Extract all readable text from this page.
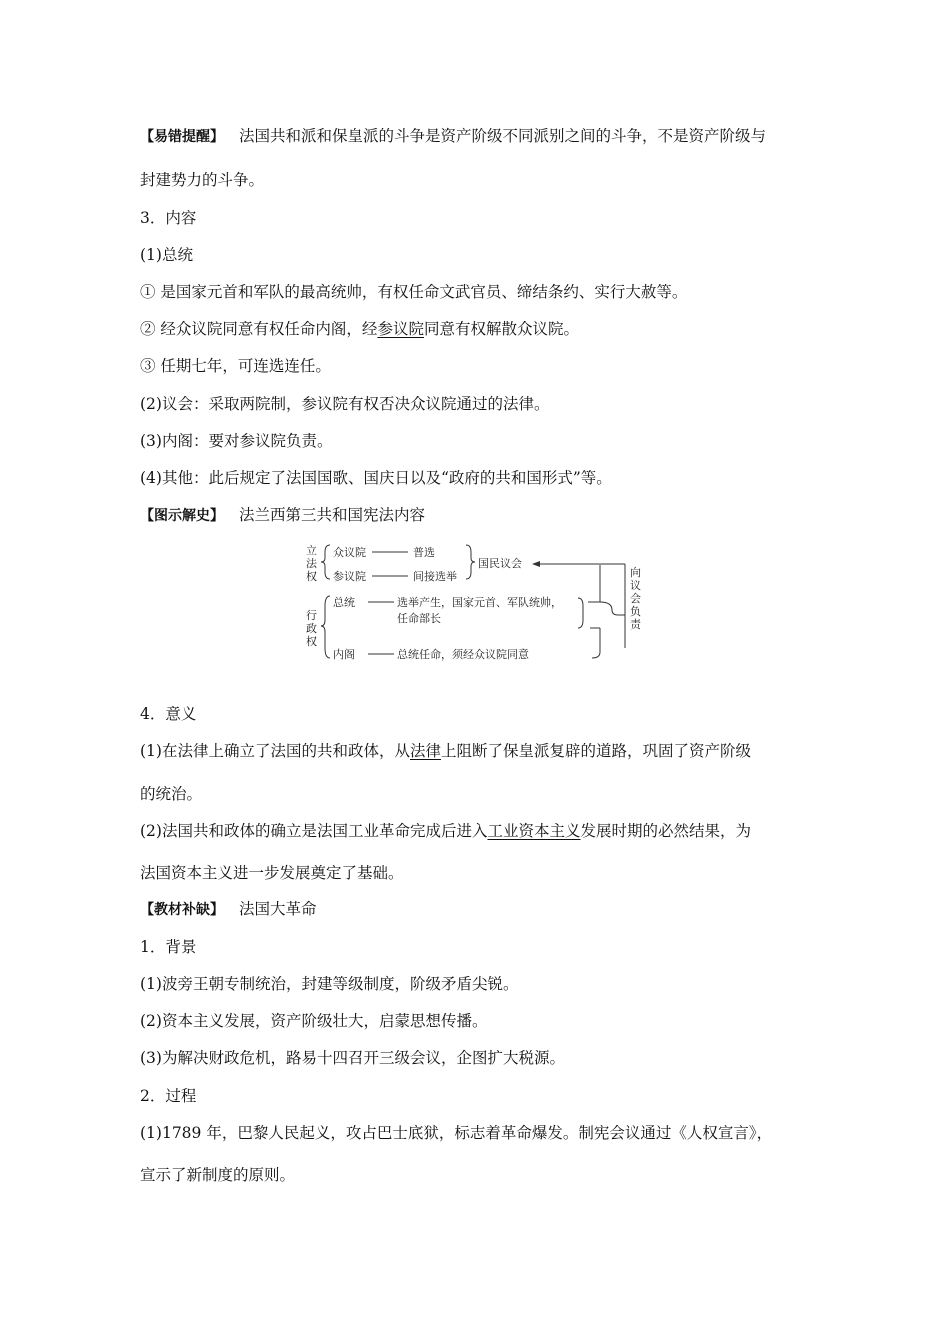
【易错提醒】 法国共和派和保皇派的斗争是资产阶级不同派别之间的斗争，不是资产阶级与
封建势力的斗争。
3．内容
(1)总统
① 是国家元首和军队的最高统帅，有权任命文武官员、缔结条约、实行大赦等。
② 经众议院同意有权任命内阁，经参议院同意有权解散众议院。
③ 任期七年，可连选连任。
(2)议会：采取两院制，参议院有权否决众议院通过的法律。
(3)内阁：要对参议院负责。
(4)其他：此后规定了法国国歌、国庆日以及“政府的共和国形式”等。
【图示解史】 法兰西第三共和国宪法内容
立
法
权
行
政
权
众议院	普选
参议院	间接选举
国民议会
总统	选举产生，国家元首、军队统帅，
任命部长
内阁	总统任命，须经众议院同意
向
议
会
负
责
4．意义
(1)在法律上确立了法国的共和政体，从法律上阻断了保皇派复辟的道路，巩固了资产阶级
的统治。
(2)法国共和政体的确立是法国工业革命完成后进入工业资本主义发展时期的必然结果，为
法国资本主义进一步发展奠定了基础。
【教材补缺】 法国大革命
1．背景
(1)波旁王朝专制统治，封建等级制度，阶级矛盾尖锐。
(2)资本主义发展，资产阶级壮大，启蒙思想传播。
(3)为解决财政危机，路易十四召开三级会议，企图扩大税源。
2．过程
(1)1789 年，巴黎人民起义，攻占巴士底狱，标志着革命爆发。制宪会议通过《人权宣言》，
宣示了新制度的原则。
